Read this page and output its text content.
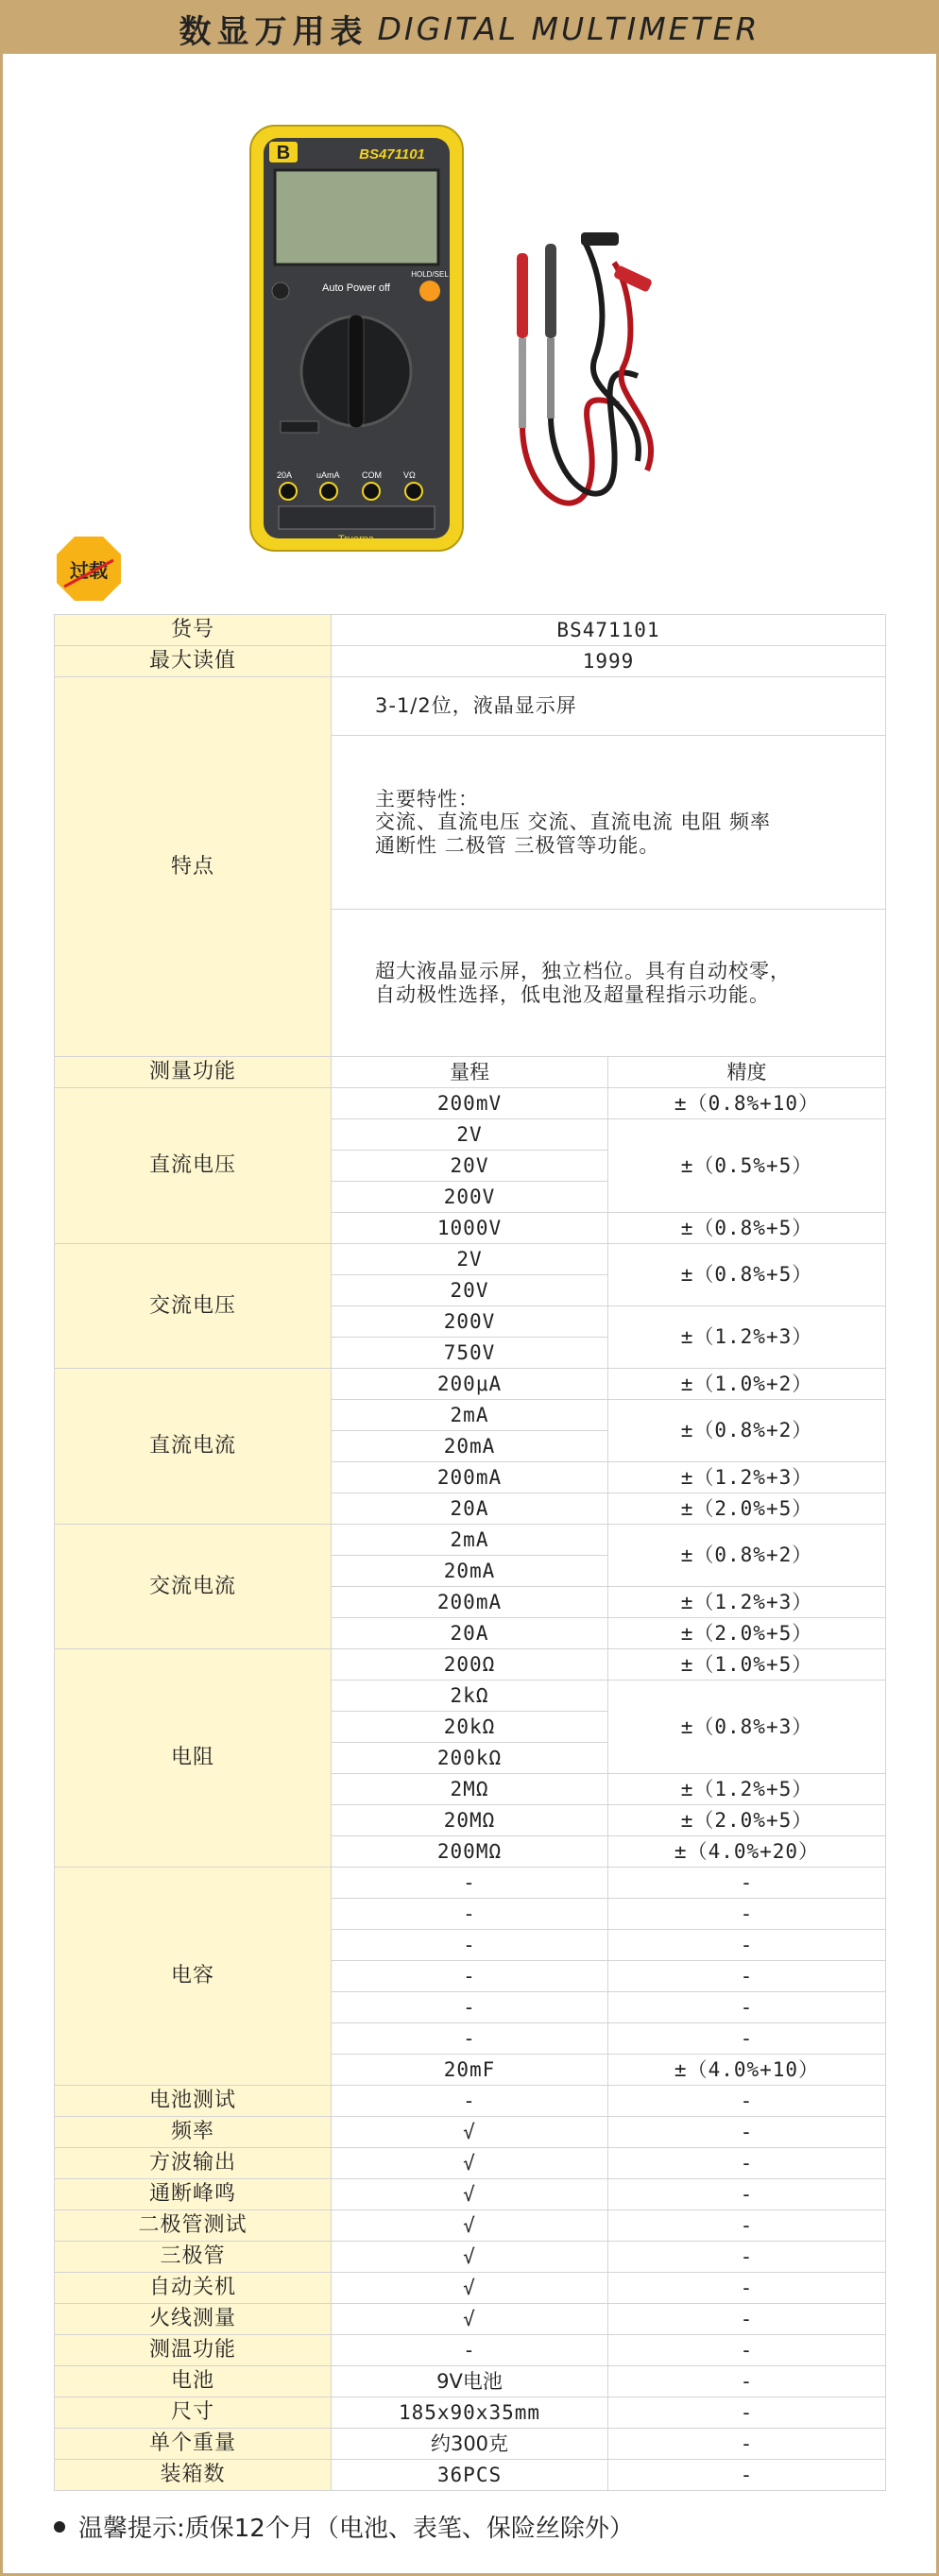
数显万用表 DIGITAL MULTIMETER
B	BS471101
Auto Power off
HOLD/SEL
20A	uAmA	COM	VΩ
Truerna
过载
货号	BS471101	
最大读值	1999	
特点	3-1/2位，液晶显示屏	

	主要特性：
交流、直流电压 交流、直流电流 电阻 频率
通断性 二极管 三极管等功能。	

	超大液晶显示屏，独立档位。具有自动校零，
自动极性选择，低电池及超量程指示功能。	

测量功能	量程	精度
直流电压	200mV	±（0.8%+10）
	2V	±（0.5%+5）
	20V	
	200V	
	1000V	±（0.8%+5）
交流电压	2V	±（0.8%+5）
	20V	
	200V	±（1.2%+3）
	750V	
直流电流	200μA	±（1.0%+2）
	2mA	±（0.8%+2）
	20mA	
	200mA	±（1.2%+3）
	20A	±（2.0%+5）
交流电流	2mA	±（0.8%+2）
	20mA	
	200mA	±（1.2%+3）
	20A	±（2.0%+5）
电阻	200Ω	±（1.0%+5）
	2kΩ	±（0.8%+3）
	20kΩ	
	200kΩ	
	2MΩ	±（1.2%+5）
	20MΩ	±（2.0%+5）
	200MΩ	±（4.0%+20）
电容	-	-
	-	-
	-	-
	-	-
	-	-
	-	-
	20mF	±（4.0%+10）
电池测试	-	-
频率	√	-
方波输出	√	-
通断峰鸣	√	-
二极管测试	√	-
三极管	√	-
自动关机	√	-
火线测量	√	-
测温功能	-	-
电池	9V电池	-
尺寸	185x90x35mm	-
单个重量	约300克	-
装箱数	36PCS	-
温馨提示:质保12个月（电池、表笔、保险丝除外）
